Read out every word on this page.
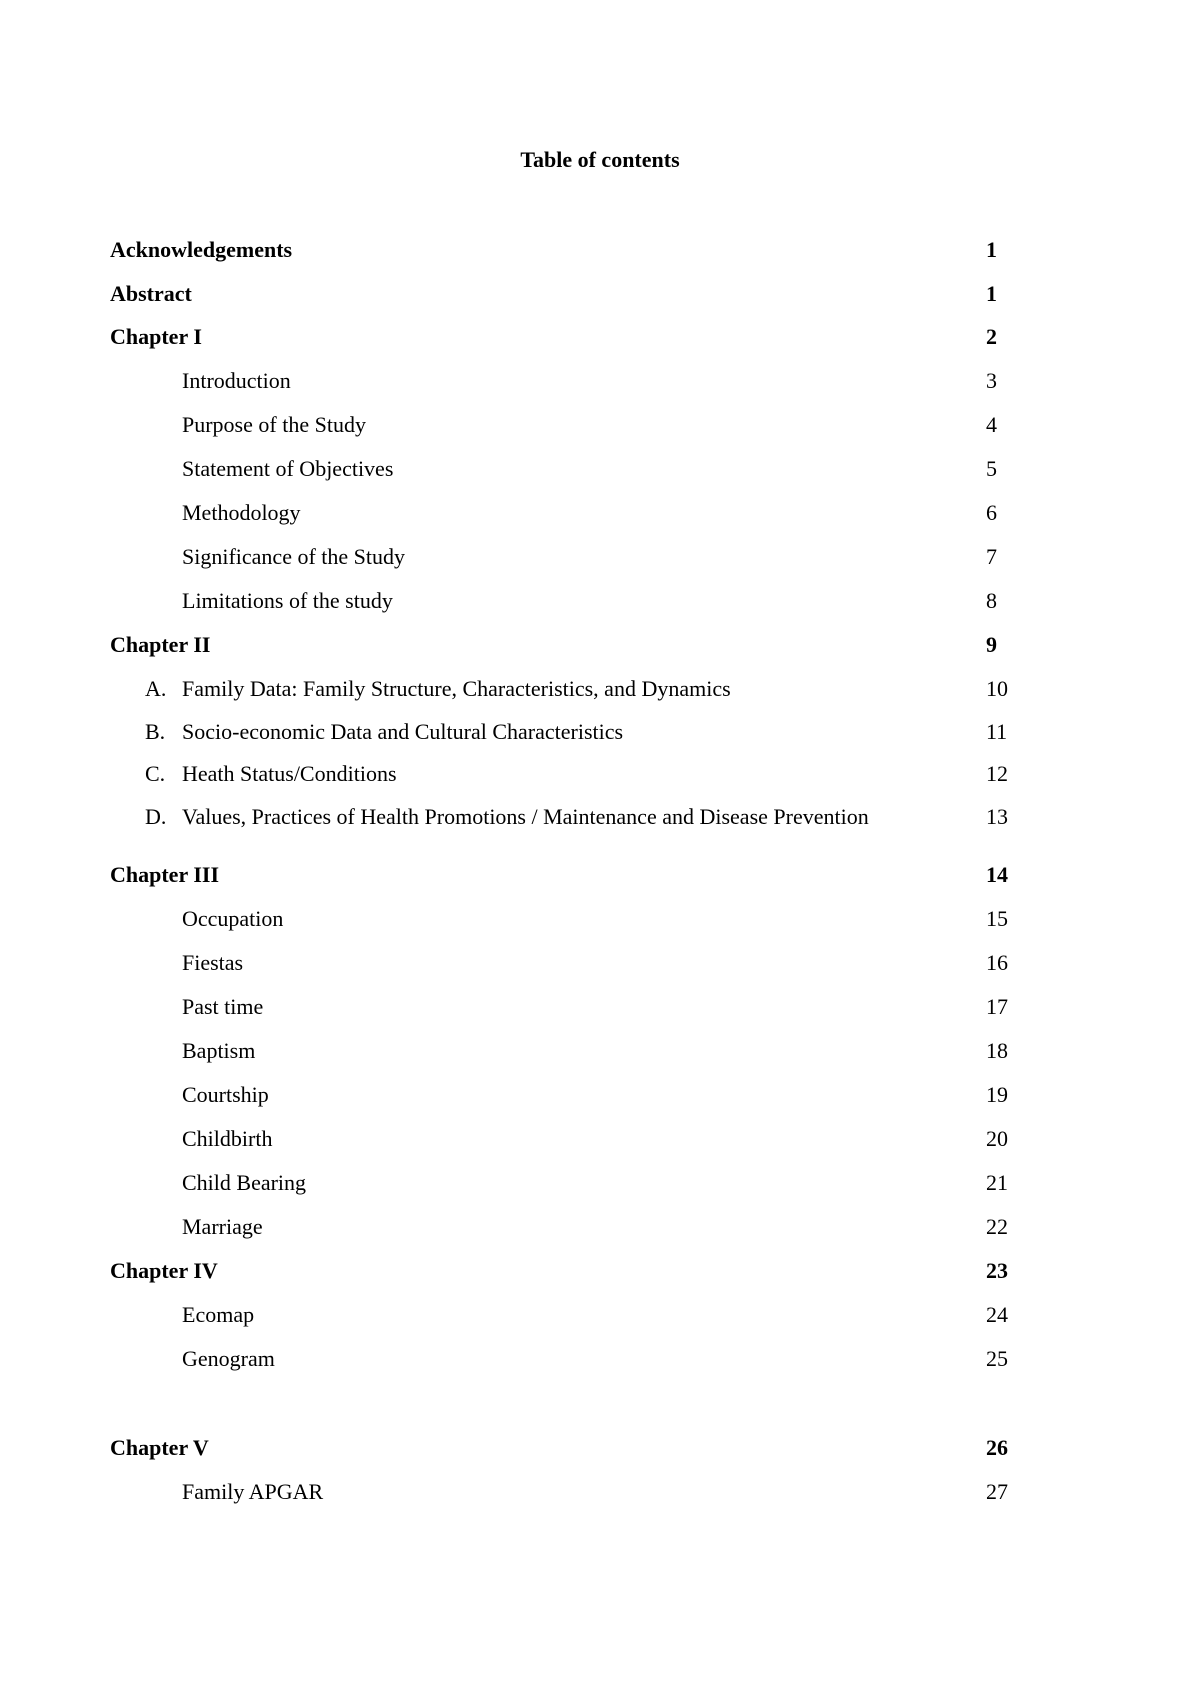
Table of contents
Acknowledgements	1
Abstract	1
Chapter I	2
Introduction	3
Purpose of the Study	4
Statement of Objectives	5
Methodology	6
Significance of the Study	7
Limitations of the study	8
Chapter II	9
A. Family Data: Family Structure, Characteristics, and Dynamics	10
B. Socio-economic Data and Cultural Characteristics	11
C. Heath Status/Conditions	12
D. Values, Practices of Health Promotions / Maintenance and Disease Prevention	13
Chapter III	14
Occupation	15
Fiestas	16
Past time	17
Baptism	18
Courtship	19
Childbirth	20
Child Bearing	21
Marriage	22
Chapter IV	23
Ecomap	24
Genogram	25
Chapter V	26
Family APGAR	27
